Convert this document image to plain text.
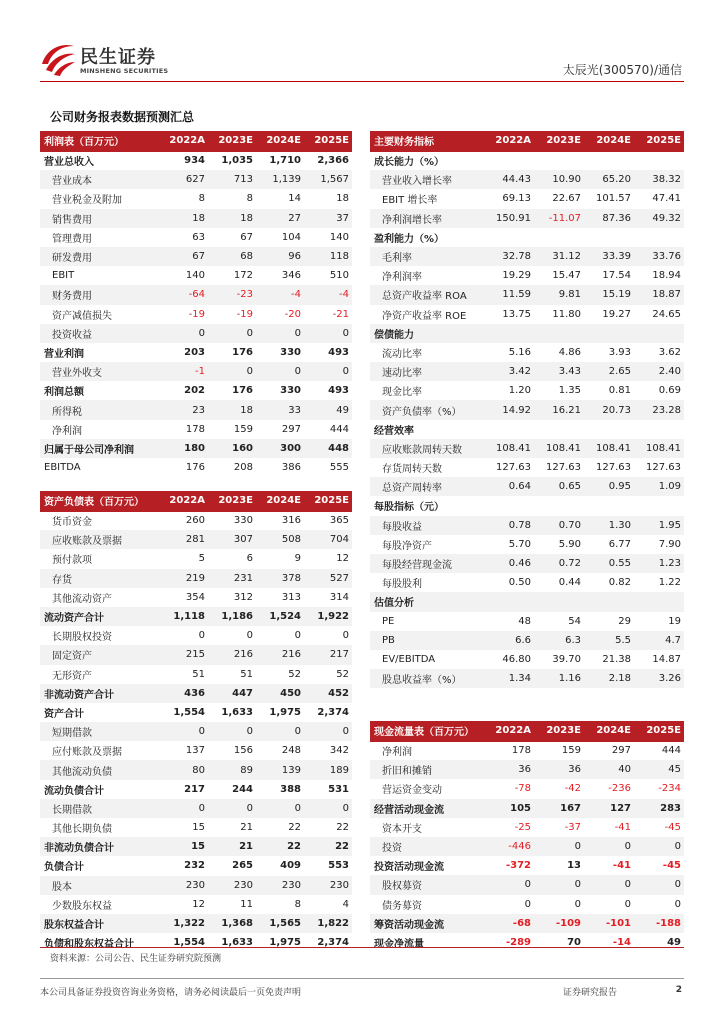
民生证券
MINSHENG SECURITIES	太辰光(300570)/通信
公司财务报表数据预测汇总
利润表（百万元）	2022A	2023E	2024E	2025E
营业总收入	934	1,035	1,710	2,366
营业成本	627	713	1,139	1,567
营业税金及附加	8	8	14	18
销售费用	18	18	27	37
管理费用	63	67	104	140
研发费用	67	68	96	118
EBIT	140	172	346	510
财务费用	-64	-23	-4	-4
资产减值损失	-19	-19	-20	-21
投资收益	0	0	0	0
营业利润	203	176	330	493
营业外收支	-1	0	0	0
利润总额	202	176	330	493
所得税	23	18	33	49
净利润	178	159	297	444
归属于母公司净利润	180	160	300	448
EBITDA	176	208	386	555
资产负债表（百万元）	2022A	2023E	2024E	2025E
货币资金	260	330	316	365
应收账款及票据	281	307	508	704
预付款项	5	6	9	12
存货	219	231	378	527
其他流动资产	354	312	313	314
流动资产合计	1,118	1,186	1,524	1,922
长期股权投资	0	0	0	0
固定资产	215	216	216	217
无形资产	51	51	52	52
非流动资产合计	436	447	450	452
资产合计	1,554	1,633	1,975	2,374
短期借款	0	0	0	0
应付账款及票据	137	156	248	342
其他流动负债	80	89	139	189
流动负债合计	217	244	388	531
长期借款	0	0	0	0
其他长期负债	15	21	22	22
非流动负债合计	15	21	22	22
负债合计	232	265	409	553
股本	230	230	230	230
少数股东权益	12	11	8	4
股东权益合计	1,322	1,368	1,565	1,822
负债和股东权益合计	1,554	1,633	1,975	2,374
主要财务指标	2022A	2023E	2024E	2025E
成长能力（%）				
营业收入增长率	44.43	10.90	65.20	38.32
EBIT 增长率	69.13	22.67	101.57	47.41
净利润增长率	150.91	-11.07	87.36	49.32
盈利能力（%）				
毛利率	32.78	31.12	33.39	33.76
净利润率	19.29	15.47	17.54	18.94
总资产收益率 ROA	11.59	9.81	15.19	18.87
净资产收益率 ROE	13.75	11.80	19.27	24.65
偿债能力				
流动比率	5.16	4.86	3.93	3.62
速动比率	3.42	3.43	2.65	2.40
现金比率	1.20	1.35	0.81	0.69
资产负债率（%）	14.92	16.21	20.73	23.28
经营效率				
应收账款周转天数	108.41	108.41	108.41	108.41
存货周转天数	127.63	127.63	127.63	127.63
总资产周转率	0.64	0.65	0.95	1.09
每股指标（元）				
每股收益	0.78	0.70	1.30	1.95
每股净资产	5.70	5.90	6.77	7.90
每股经营现金流	0.46	0.72	0.55	1.23
每股股利	0.50	0.44	0.82	1.22
估值分析				
PE	48	54	29	19
PB	6.6	6.3	5.5	4.7
EV/EBITDA	46.80	39.70	21.38	14.87
股息收益率（%）	1.34	1.16	2.18	3.26
现金流量表（百万元）	2022A	2023E	2024E	2025E
净利润	178	159	297	444
折旧和摊销	36	36	40	45
营运资金变动	-78	-42	-236	-234
经营活动现金流	105	167	127	283
资本开支	-25	-37	-41	-45
投资	-446	0	0	0
投资活动现金流	-372	13	-41	-45
股权募资	0	0	0	0
债务募资	0	0	0	0
筹资活动现金流	-68	-109	-101	-188
现金净流量	-289	70	-14	49
资料来源：公司公告、民生证券研究院预测
本公司具备证券投资咨询业务资格，请务必阅读最后一页免责声明	证券研究报告	2
